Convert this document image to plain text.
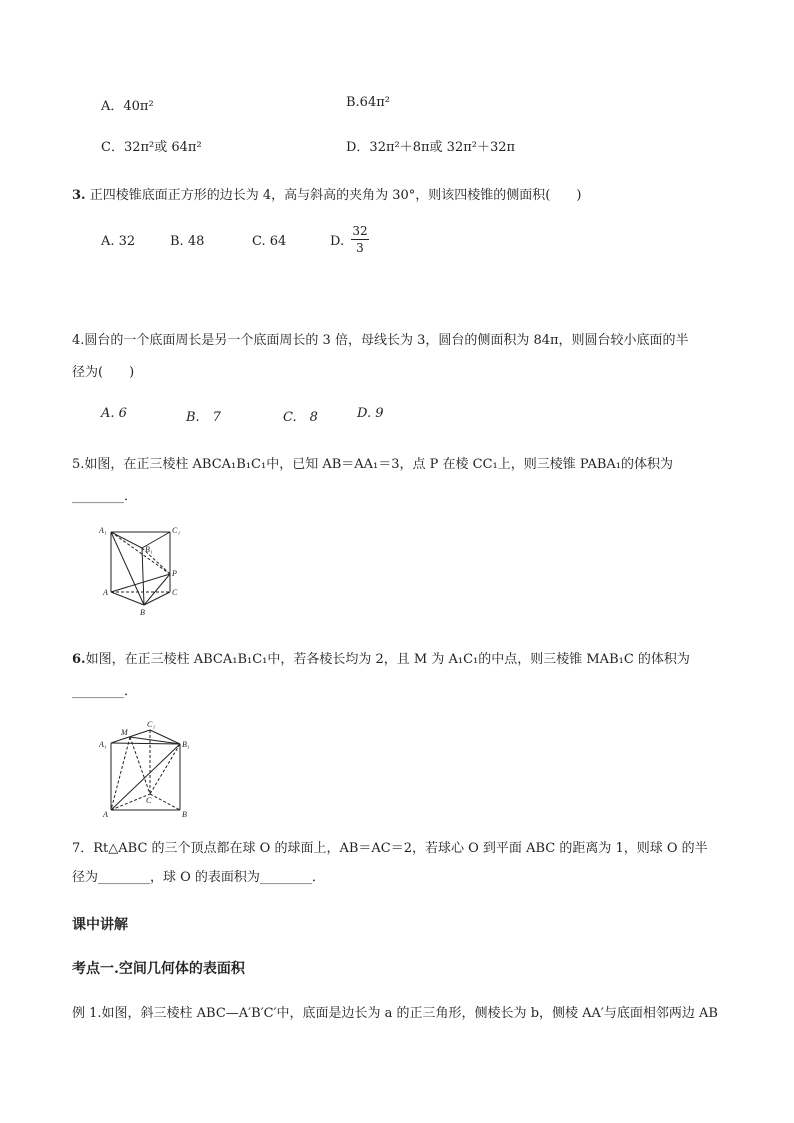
A．40π²	B.64π²
C．32π²或 64π²	D．32π²＋8π或 32π²＋32π
3. 正四棱锥底面正方形的边长为 4，高与斜高的夹角为 30°，则该四棱锥的侧面积(　　)
A. 32	B. 48	C. 64	D.
32
3
4.圆台的一个底面周长是另一个底面周长的 3 倍，母线长为 3，圆台的侧面积为 84π，则圆台较小底面的半
径为(　　)
A. 6	B.　7	C.　8	D. 9
5.如图，在正三棱柱 ABCA₁B₁C₁中，已知 AB＝AA₁＝3，点 P 在棱 CC₁上，则三棱锥 PABA₁的体积为
________．
A₁	C₁
B₁
P
A	C
B
6.如图，在正三棱柱 ABCA₁B₁C₁中，若各棱长均为 2，且 M 为 A₁C₁的中点，则三棱锥 MAB₁C 的体积为
________．
M
C₁
A₁	B₁
C
A	B
7．Rt△ABC 的三个顶点都在球 O 的球面上，AB＝AC＝2，若球心 O 到平面 ABC 的距离为 1，则球 O 的半
径为________，球 O 的表面积为________．
课中讲解
考点一.空间几何体的表面积
例 1.如图，斜三棱柱 ABC—A′B′C′中，底面是边长为 a 的正三角形，侧棱长为 b，侧棱 AA′与底面相邻两边 AB
